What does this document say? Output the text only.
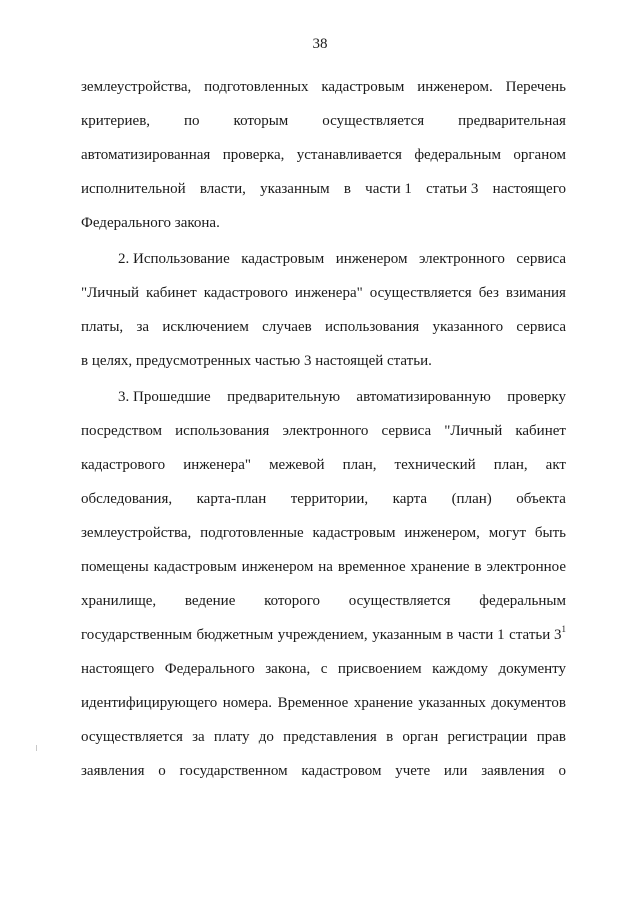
38
землеустройства, подготовленных кадастровым инженером. Перечень
критериев, по которым осуществляется предварительная
автоматизированная проверка, устанавливается федеральным органом
исполнительной власти, указанным в части 1 статьи 3 настоящего
Федерального закона.
2. Использование кадастровым инженером электронного сервиса
"Личный кабинет кадастрового инженера" осуществляется без взимания
платы, за исключением случаев использования указанного сервиса
в целях, предусмотренных частью 3 настоящей статьи.
3. Прошедшие предварительную автоматизированную проверку
посредством использования электронного сервиса "Личный кабинет
кадастрового инженера" межевой план, технический план, акт
обследования, карта-план территории, карта (план) объекта
землеустройства, подготовленные кадастровым инженером, могут быть
помещены кадастровым инженером на временное хранение в электронное
хранилище, ведение которого осуществляется федеральным
государственным бюджетным учреждением, указанным в части 1 статьи $3^1$
настоящего Федерального закона, с присвоением каждому документу
идентифицирующего номера. Временное хранение указанных документов
осуществляется за плату до представления в орган регистрации прав
заявления о государственном кадастровом учете или заявления о
